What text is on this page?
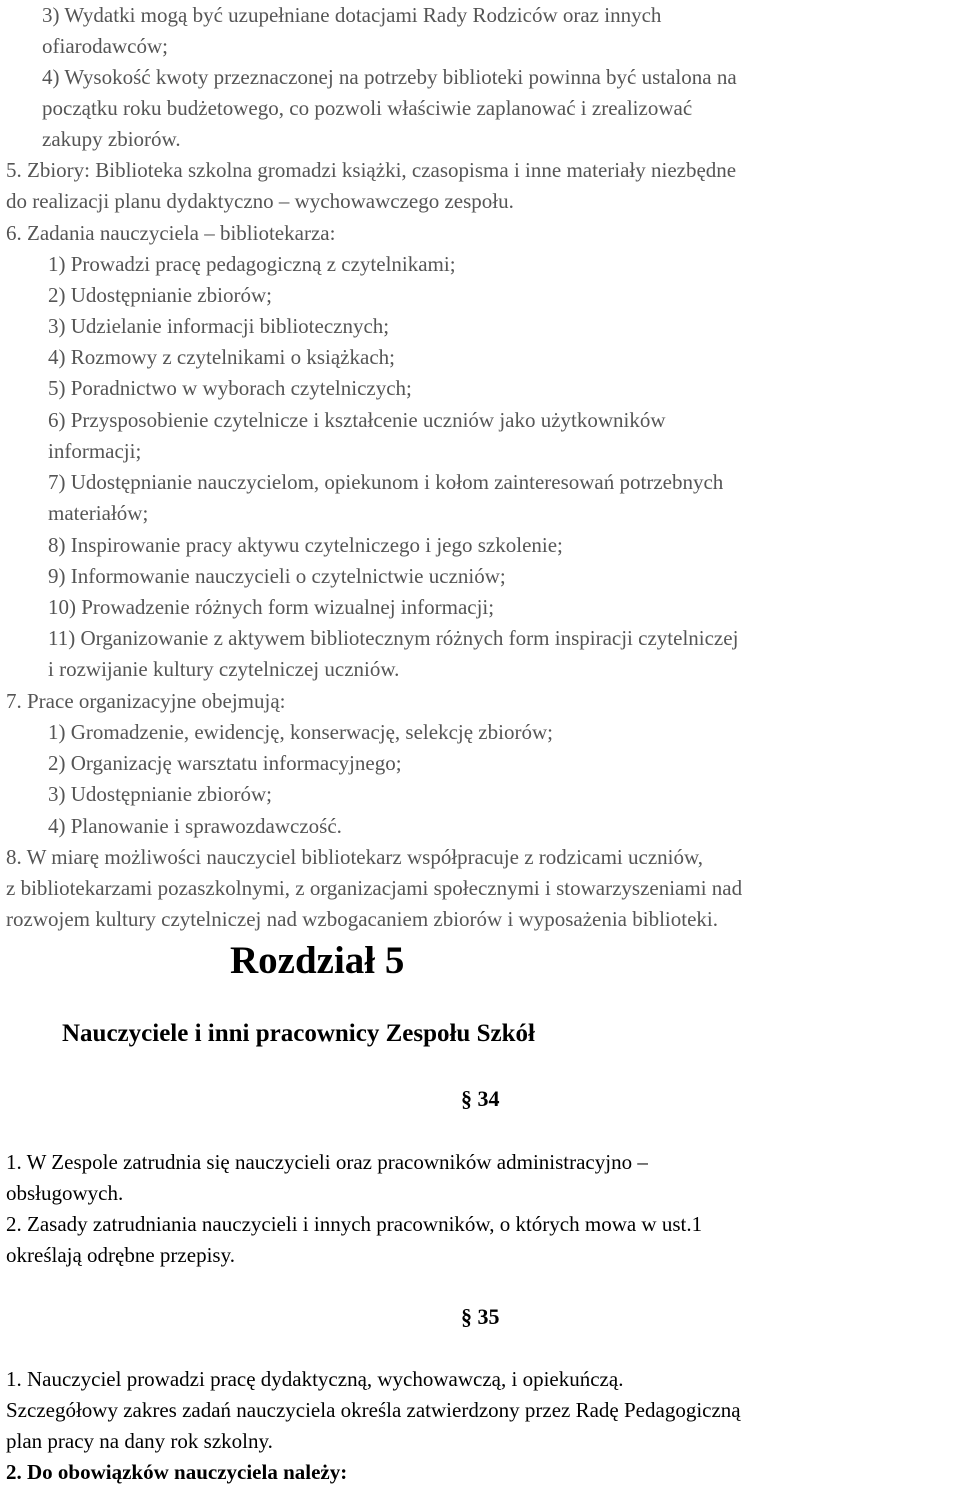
3) Wydatki mogą być uzupełniane dotacjami Rady Rodziców oraz innych
ofiarodawców;
4) Wysokość kwoty przeznaczonej na potrzeby biblioteki powinna być ustalona na
początku roku budżetowego, co pozwoli właściwie zaplanować i zrealizować
zakupy zbiorów.
5. Zbiory: Biblioteka szkolna gromadzi książki, czasopisma i inne materiały niezbędne
do realizacji planu dydaktyczno – wychowawczego zespołu.
6. Zadania nauczyciela – bibliotekarza:
1) Prowadzi pracę pedagogiczną z czytelnikami;
2) Udostępnianie zbiorów;
3) Udzielanie informacji bibliotecznych;
4) Rozmowy z czytelnikami o książkach;
5) Poradnictwo w wyborach czytelniczych;
6) Przysposobienie czytelnicze i kształcenie uczniów jako użytkowników
informacji;
7) Udostępnianie nauczycielom, opiekunom i kołom zainteresowań potrzebnych
materiałów;
8) Inspirowanie pracy aktywu czytelniczego i jego szkolenie;
9) Informowanie nauczycieli o czytelnictwie uczniów;
10) Prowadzenie różnych form wizualnej informacji;
11) Organizowanie z aktywem bibliotecznym różnych form inspiracji czytelniczej
i rozwijanie kultury czytelniczej uczniów.
7. Prace organizacyjne obejmują:
1) Gromadzenie, ewidencję, konserwację, selekcję zbiorów;
2) Organizację warsztatu informacyjnego;
3) Udostępnianie zbiorów;
4) Planowanie i sprawozdawczość.
8. W miarę możliwości nauczyciel bibliotekarz współpracuje z rodzicami uczniów,
z bibliotekarzami pozaszkolnymi, z organizacjami społecznymi i stowarzyszeniami nad
rozwojem kultury czytelniczej nad wzbogacaniem zbiorów i wyposażenia biblioteki.
Rozdział 5
Nauczyciele i inni pracownicy Zespołu Szkół
§ 34
1. W Zespole zatrudnia się nauczycieli oraz pracowników administracyjno –
obsługowych.
2. Zasady zatrudniania nauczycieli i innych pracowników, o których mowa w ust.1
określają odrębne przepisy.
§ 35
1. Nauczyciel prowadzi pracę dydaktyczną, wychowawczą, i opiekuńczą.
Szczegółowy zakres zadań nauczyciela określa zatwierdzony przez Radę Pedagogiczną
plan pracy na dany rok szkolny.
2. Do obowiązków nauczyciela należy:
